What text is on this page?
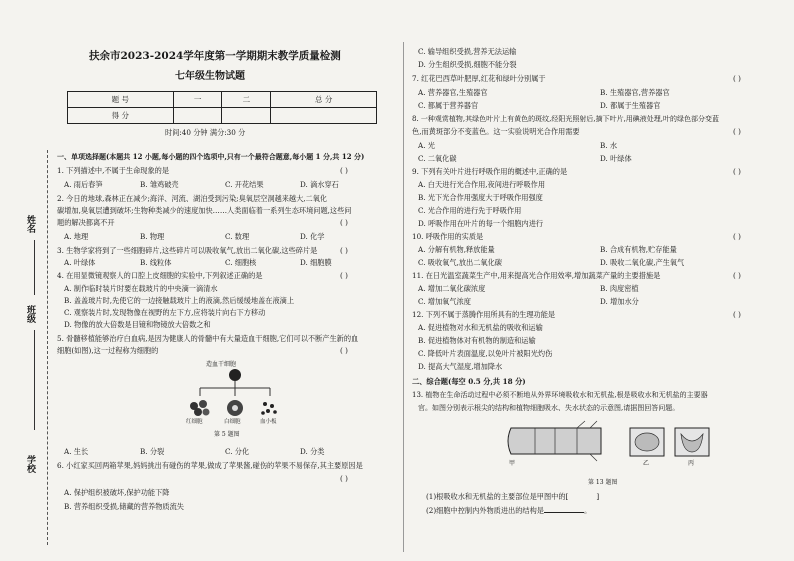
扶余市2023-2024学年度第一学期期末教学质量检测
七年级生物试题
题 号	一	二	总 分
得 分			
时间:40 分钟 满分:30 分
姓名
班级
学校
一、单项选择题(本题共 12 小题,每小题的四个选项中,只有一个最符合题意,每小题 1 分,共 12 分)
1. 下列描述中,不属于生命现象的是	( )
A. 雨后春笋	B. 雏鸡破壳	C. 开花结果	D. 滴水穿石
2. 今日的地球,森林正在减少;海洋、河流、湖泊受到污染;臭氧层空洞越来越大,二氧化
碳增加,臭氧层遭到破坏;生物种类减少的速度加快……人类面临着一系列生态环境问题,这些问
题的解决都离不开	( )
A. 地理	B. 物理	C. 数理	D. 化学
3. 生物学家将到了一些细胞碎片,这些碎片可以吸收氧气,放出二氧化碳,这些碎片是	( )
A. 叶绿体	B. 线粒体	C. 细胞核	D. 细胞膜
4. 在用显微镜观察人的口腔上皮细胞的实验中,下列叙述正确的是	( )
A. 制作临时装片时要在载玻片的中央滴一滴清水
B. 盖盖玻片时,先使它的一边接触载玻片上的液滴,然后缓缓地盖在液滴上
C. 观察装片时,发现物像在视野的左下方,应将装片向右下方移动
D. 物像的放大倍数是目镜和物镜放大倍数之和
5. 骨髓移植能够治疗白血病,是因为健康人的骨髓中有大量造血干细胞,它们可以不断产生新的血
细胞(如图),这一过程称为细胞的	( )
造血干细胞
红细胞	白细胞	血小板
第 5 题图
A. 生长	B. 分裂	C. 分化	D. 分类
6. 小红家买回两箱苹果,妈妈挑出有碰伤的苹果,做成了苹果酱,碰伤的苹果不易保存,其主要原因是
( )
A. 保护组织被破坏,保护功能下降
B. 营养组织受损,储藏的营养物质流失
C. 输导组织受损,营养无法运输
D. 分生组织受损,细胞不能分裂
7. 红花巴西草叶肥厚,红花和绿叶分别属于	( )
A. 营养器官,生殖器官	B. 生殖器官,营养器官
C. 都属于营养器官	D. 都属于生殖器官
8. 一种观赏植物,其绿色叶片上有黄色的斑纹,经阳光照射后,摘下叶片,用碘液处理,叶的绿色部分变蓝
色,而黄斑部分不变蓝色。这一实验说明光合作用需要	( )
A. 光	B. 水
C. 二氧化碳	D. 叶绿体
9. 下列有关叶片进行呼吸作用的概述中,正确的是	( )
A. 白天进行光合作用,夜间进行呼吸作用
B. 光下光合作用强度大于呼吸作用强度
C. 光合作用的进行先于呼吸作用
D. 呼吸作用在叶片的每一个细胞内进行
10. 呼吸作用的实质是	( )
A. 分解有机物,释放能量	B. 合成有机物,贮存能量
C. 吸收氧气,放出二氧化碳	D. 吸收二氧化碳,产生氧气
11. 在日光温室蔬菜生产中,用来提高光合作用效率,增加蔬菜产量的主要措施是	( )
A. 增加二氧化碳浓度	B. 肉度密植
C. 增加氧气浓度	D. 增加水分
12. 下列不属于蒸腾作用所具有的生理功能是	( )
A. 促进植物对水和无机盐的吸收和运输
B. 促进植物体对有机物的制造和运输
C. 降低叶片表面温度,以免叶片被阳光灼伤
D. 提高大气湿度,增加降水
二、综合题(每空 0.5 分,共 18 分)
13. 植物在生命活动过程中必须不断地从外界环境吸收水和无机盐,根是吸收水和无机盐的主要器
官。如图分别表示根尖的结构和植物细胞吸水、失水状态的示意图,请据图回答问题。
甲	乙	丙
第 13 题图
(1)根吸收水和无机盐的主要部位是甲图中的[	]
(2)细胞中控制内外物质进出的结构是	。
